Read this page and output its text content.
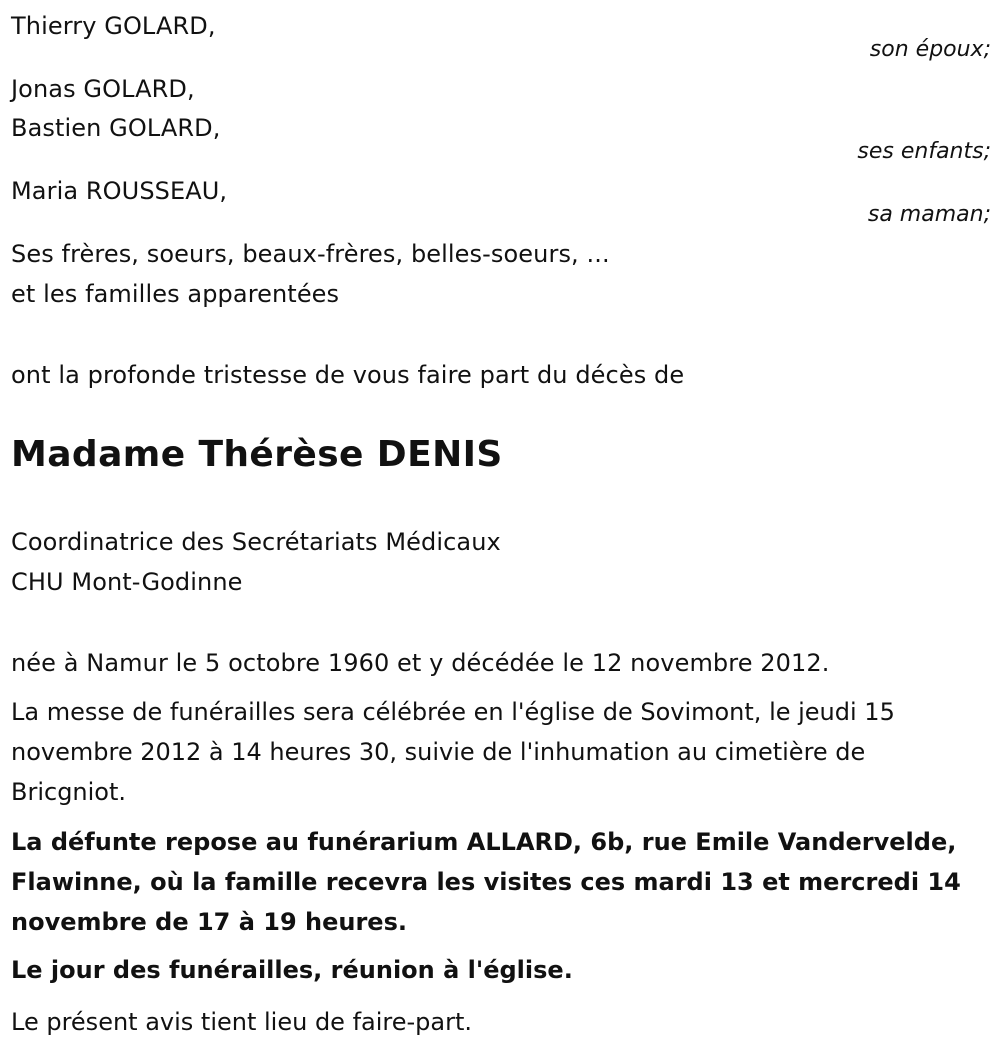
Thierry GOLARD,
son époux;
Jonas GOLARD,
Bastien GOLARD,
ses enfants;
Maria ROUSSEAU,
sa maman;
Ses frères, soeurs, beaux-frères, belles-soeurs, ...
et les familles apparentées
ont la profonde tristesse de vous faire part du décès de
Madame Thérèse DENIS
Coordinatrice des Secrétariats Médicaux
CHU Mont-Godinne
née à Namur le 5 octobre 1960 et y décédée le 12 novembre 2012.
La messe de funérailles sera célébrée en l'église de Sovimont, le jeudi 15 novembre 2012 à 14 heures 30, suivie de l'inhumation au cimetière de Bricgniot.
La défunte repose au funérarium ALLARD, 6b, rue Emile Vandervelde, Flawinne, où la famille recevra les visites ces mardi 13 et mercredi 14 novembre de 17 à 19 heures.
Le jour des funérailles, réunion à l'église.
Le présent avis tient lieu de faire-part.
